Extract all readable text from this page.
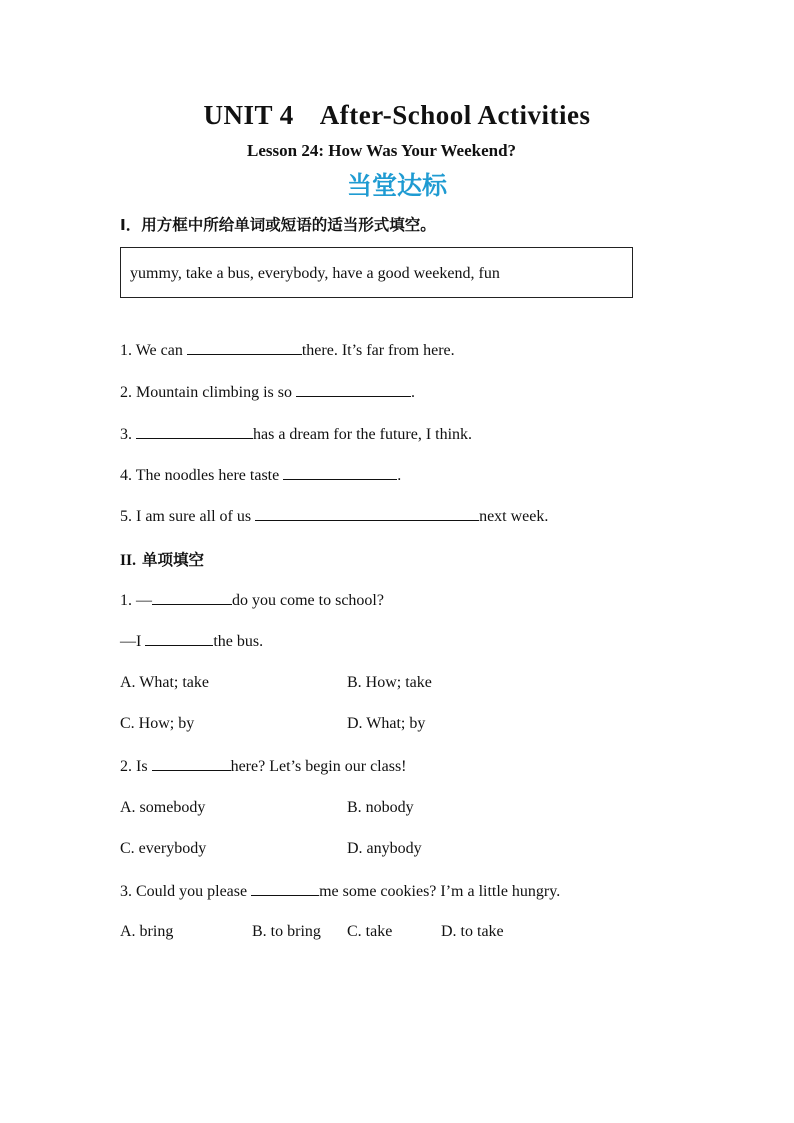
UNIT 4 After-School Activities
Lesson 24: How Was Your Weekend?
当堂达标
Ⅰ．用方框中所给单词或短语的适当形式填空。
yummy, take a bus, everybody, have a good weekend, fun
1. We can	there. It’s far from here.
2. Mountain climbing is so	.
3.	has a dream for the future, I think.
4. The noodles here taste	.
5. I am sure all of us	next week.
II. 单项填空
1. —	do you come to school?
—I	the bus.
A. What; take	B. How; take
C. How; by	D. What; by
2. Is	here? Let’s begin our class!
A. somebody	B. nobody
C. everybody	D. anybody
3. Could you please	me some cookies? I’m a little hungry.
A. bring	B. to bring C. take	D. to take
